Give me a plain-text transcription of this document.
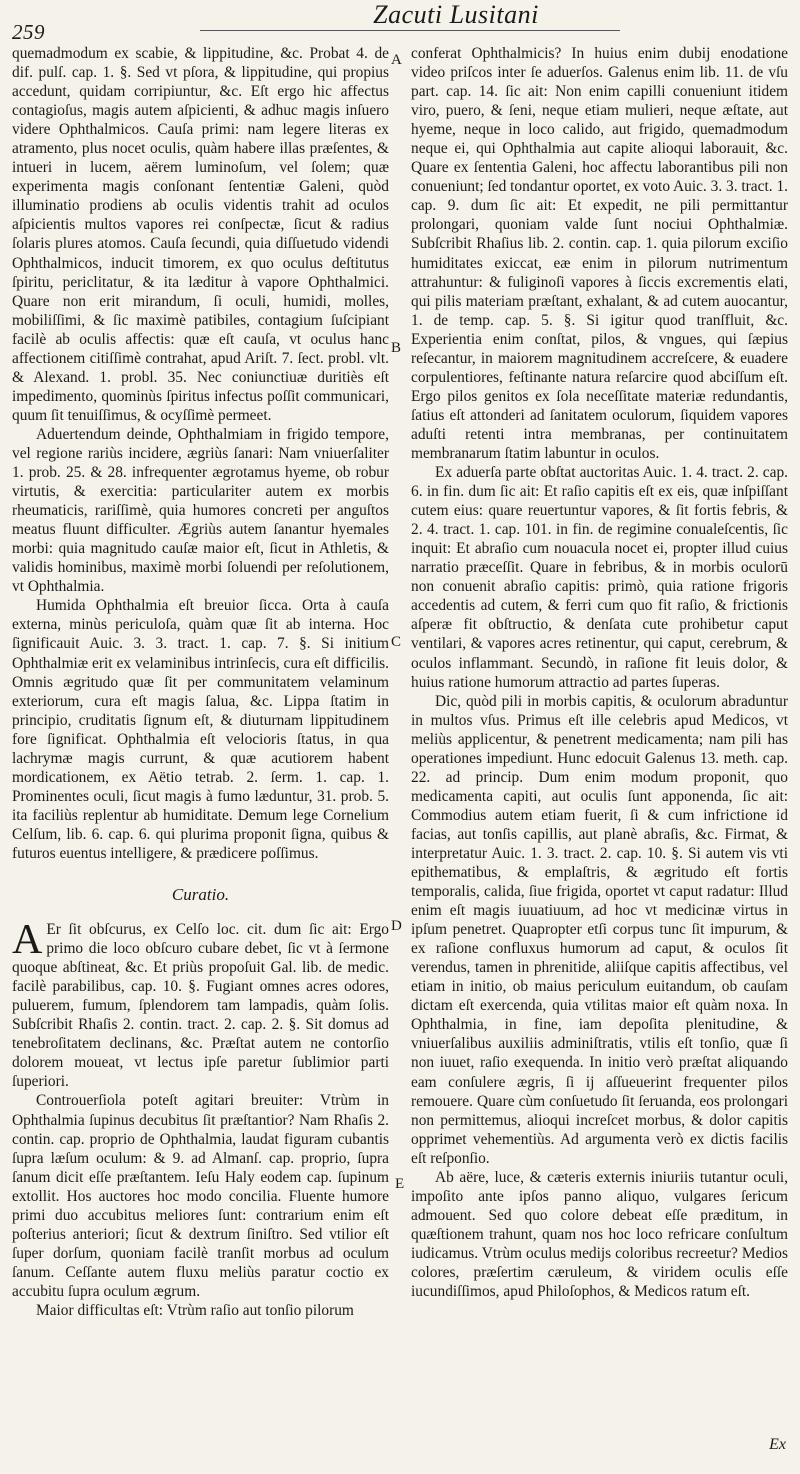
259
Zacuti Lusitani

quemadmodum ex scabie, & lippitudine, &c. Probat 4. de dif. pulſ. cap. 1. §. Sed vt pſora, & lippitudine, qui propius accedunt, quidam corripiuntur, &c. Eſt ergo hic affectus contagioſus, magis autem aſpicienti, & adhuc magis inſuero videre Ophthalmicos. Cauſa primi: nam legere literas ex atramento, plus nocet oculis, quàm habere illas præſentes, & intueri in lucem, aërem luminoſum, vel ſolem; quæ experimenta magis conſonant ſententiæ Galeni, quòd illuminatio prodiens ab oculis videntis trahit ad oculos aſpicientis multos vapores rei conſpectæ, ſicut & radius ſolaris plures atomos. Cauſa ſecundi, quia diſſuetudo videndi Ophthalmicos, inducit timorem, ex quo oculus deſtitutus ſpiritu, periclitatur, & ita læditur à vapore Ophthalmici. Quare non erit mirandum, ſi oculi, humidi, molles, mobiliſſimi, & ſic maximè patibiles, contagium ſuſcipiant facilè ab oculis affectis: quæ eſt cauſa, vt oculus hanc affectionem citiſſimè contrahat, apud Ariſt. 7. ſect. probl. vlt. & Alexand. 1. probl. 35. Nec coniunctiuæ duritiès eſt impedimento, quominùs ſpiritus infectus poſſit communicari, quum ſit tenuiſſimus, & ocyſſimè permeet.

Aduertendum deinde, Ophthalmiam in frigido tempore, vel regione rariùs incidere, ægriùs ſanari: Nam vniuerſaliter 1. prob. 25. & 28. infrequenter ægrotamus hyeme, ob robur virtutis, & exercitia: particulariter autem ex morbis rheumaticis, rariſſimè, quia humores concreti per anguſtos meatus fluunt difficulter. Ægriùs autem ſanantur hyemales morbi: quia magnitudo cauſæ maior eſt, ſicut in Athletis, & validis hominibus, maximè morbi ſoluendi per reſolutionem, vt Ophthalmia.

Humida Ophthalmia eſt breuior ſicca. Orta à cauſa externa, minùs periculoſa, quàm quæ ſit ab interna. Hoc ſignificauit Auic. 3. 3. tract. 1. cap. 7. §. Si initium Ophthalmiæ erit ex velaminibus intrinſecis, cura eſt difficilis. Omnis ægritudo quæ ſit per communitatem velaminum exteriorum, cura eſt magis ſalua, &c. Lippa ſtatim in principio, cruditatis ſignum eſt, & diuturnam lippitudinem fore ſignificat. Ophthalmia eſt velocioris ſtatus, in qua lachrymæ magis currunt, & quæ acutiorem habent mordicationem, ex Aëtio tetrab. 2. ſerm. 1. cap. 1. Prominentes oculi, ſicut magis à fumo læduntur, 31. prob. 5. ita faciliùs replentur ab humiditate. Demum lege Cornelium Celſum, lib. 6. cap. 6. qui plurima proponit ſigna, quibus & futuros euentus intelligere, & prædicere poſſimus.

Curatio.

A Er ſit obſcurus, ex Celſo loc. cit. dum ſic ait: Ergo primo die loco obſcuro cubare debet, ſic vt à ſermone quoque abſtineat, &c. Et priùs propoſuit Gal. lib. de medic. facilè parabilibus, cap. 10. §. Fugiant omnes acres odores, puluerem, fumum, ſplendorem tam lampadis, quàm ſolis. Subſcribit Rhaſis 2. contin. tract. 2. cap. 2. §. Sit domus ad tenebroſitatem declinans, &c. Præſtat autem ne contorſio dolorem moueat, vt lectus ipſe paretur ſublimior parti ſuperiori.

Controuerſiola poteſt agitari breuiter: Vtrùm in Ophthalmia ſupinus decubitus ſit præſtantior? Nam Rhaſis 2. contin. cap. proprio de Ophthalmia, laudat figuram cubantis ſupra læſum oculum: & 9. ad Almanſ. cap. proprio, ſupra ſanum dicit eſſe præſtantem. Ieſu Haly eodem cap. ſupinum extollit. Hos auctores hoc modo concilia. Fluente humore primi duo accubitus meliores ſunt: contrarium enim eſt poſterius anteriori; ſicut & dextrum ſiniſtro. Sed vtilior eſt ſuper dorſum, quoniam facilè tranſit morbus ad oculum ſanum. Ceſſante autem fluxu meliùs paratur coctio ex accubitu ſupra oculum ægrum.

Maior difficultas eſt: Vtrùm raſio aut tonſio pilorum

A
B
C
D
E

conferat Ophthalmicis? In huius enim dubij enodatione video priſcos inter ſe aduerſos. Galenus enim lib. 11. de vſu part. cap. 14. ſic ait: Non enim capilli conueniunt itidem viro, puero, & ſeni, neque etiam mulieri, neque æſtate, aut hyeme, neque in loco calido, aut frigido, quemadmodum neque ei, qui Ophthalmia aut capite alioqui laborauit, &c. Quare ex ſententia Galeni, hoc affectu laborantibus pili non conueniunt; ſed tondantur oportet, ex voto Auic. 3. 3. tract. 1. cap. 9. dum ſic ait: Et expedit, ne pili permittantur prolongari, quoniam valde ſunt nociui Ophthalmiæ. Subſcribit Rhaſius lib. 2. contin. cap. 1. quia pilorum exciſio humiditates exiccat, eæ enim in pilorum nutrimentum attrahuntur: & fuliginoſi vapores à ſiccis excrementis elati, qui pilis materiam præſtant, exhalant, & ad cutem auocantur, 1. de temp. cap. 5. §. Si igitur quod tranſfluit, &c. Experientia enim conſtat, pilos, & vngues, qui ſæpius reſecantur, in maiorem magnitudinem accreſcere, & euadere corpulentiores, feſtinante natura reſarcire quod abciſſum eſt. Ergo pilos genitos ex ſola neceſſitate materiæ redundantis, ſatius eſt attonderi ad ſanitatem oculorum, ſiquidem vapores aduſti retenti intra membranas, per continuitatem membranarum ſtatim labuntur in oculos.

Ex aduerſa parte obſtat auctoritas Auic. 1. 4. tract. 2. cap. 6. in fin. dum ſic ait: Et raſio capitis eſt ex eis, quæ inſpiſſant cutem eius: quare reuertuntur vapores, & ſit fortis febris, & 2. 4. tract. 1. cap. 101. in fin. de regimine conualeſcentis, ſic inquit: Et abraſio cum nouacula nocet ei, propter illud cuius narratio præceſſit. Quare in febribus, & in morbis oculorū non conuenit abraſio capitis: primò, quia ratione frigoris accedentis ad cutem, & ferri cum quo fit raſio, & frictionis aſperæ fit obſtructio, & denſata cute prohibetur caput ventilari, & vapores acres retinentur, qui caput, cerebrum, & oculos inflammant. Secundò, in raſione fit leuis dolor, & huius ratione humorum attractio ad partes ſuperas.

Dic, quòd pili in morbis capitis, & oculorum abraduntur in multos vſus. Primus eſt ille celebris apud Medicos, vt meliùs applicentur, & penetrent medicamenta; nam pili has operationes impediunt. Hunc edocuit Galenus 13. meth. cap. 22. ad princip. Dum enim modum proponit, quo medicamenta capiti, aut oculis ſunt apponenda, ſic ait: Commodius autem etiam fuerit, ſi & cum infrictione id facias, aut tonſis capillis, aut planè abraſis, &c. Firmat, & interpretatur Auic. 1. 3. tract. 2. cap. 10. §. Si autem vis vti epithematibus, & emplaſtris, & ægritudo eſt fortis temporalis, calida, ſiue frigida, oportet vt caput radatur: Illud enim eſt magis iuuatiuum, ad hoc vt medicinæ virtus in ipſum penetret. Quapropter etſi corpus tunc ſit impurum, & ex raſione confluxus humorum ad caput, & oculos ſit verendus, tamen in phrenitide, aliiſque capitis affectibus, vel etiam in initio, ob maius periculum euitandum, ob cauſam dictam eſt exercenda, quia vtilitas maior eſt quàm noxa. In Ophthalmia, in fine, iam depoſita plenitudine, & vniuerſalibus auxiliis adminiſtratis, vtilis eſt tonſio, quæ ſi non iuuet, raſio exequenda. In initio verò præſtat aliquando eam conſulere ægris, ſi ij aſſueuerint frequenter pilos remouere. Quare cùm conſuetudo ſit ſeruanda, eos prolongari non permittemus, alioqui increſcet morbus, & dolor capitis opprimet vehementiùs. Ad argumenta verò ex dictis facilis eſt reſponſio.

Ab aëre, luce, & cæteris externis iniuriis tutantur oculi, impoſito ante ipſos panno aliquo, vulgares ſericum admouent. Sed quo colore debeat eſſe præditum, in quæſtionem trahunt, quam nos hoc loco refricare conſultum iudicamus. Vtrùm oculus medijs coloribus recreetur? Medios colores, præſertim cæruleum, & viridem oculis eſſe iucundiſſimos, apud Philoſophos, & Medicos ratum eſt.

Ex
